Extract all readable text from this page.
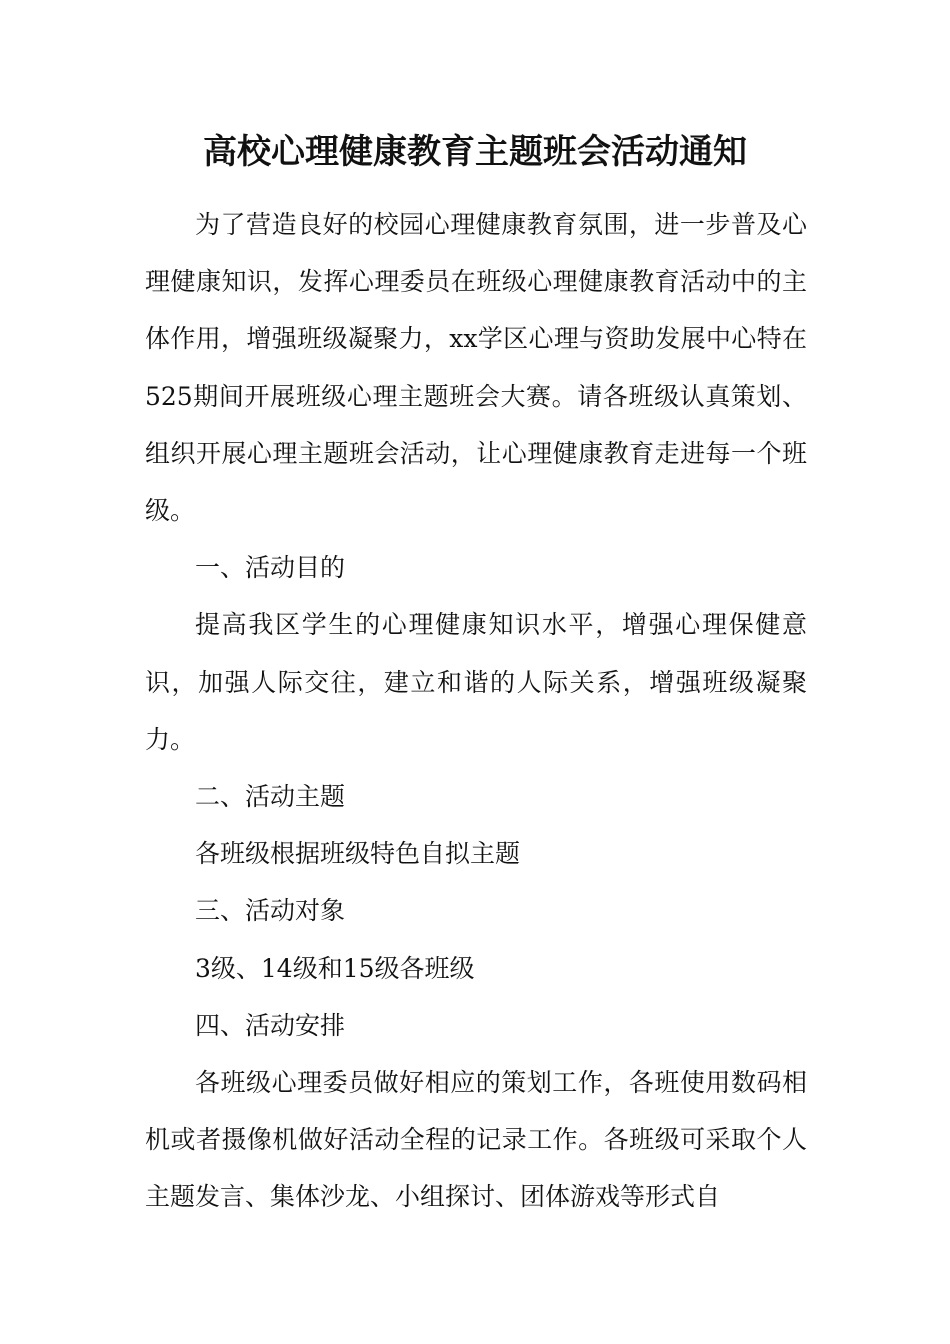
高校心理健康教育主题班会活动通知

为了营造良好的校园心理健康教育氛围，进一步普及心理健康知识，发挥心理委员在班级心理健康教育活动中的主体作用，增强班级凝聚力，xx学区心理与资助发展中心特在525期间开展班级心理主题班会大赛。请各班级认真策划、组织开展心理主题班会活动，让心理健康教育走进每一个班级。

一、活动目的

提高我区学生的心理健康知识水平，增强心理保健意识，加强人际交往，建立和谐的人际关系，增强班级凝聚力。

二、活动主题

各班级根据班级特色自拟主题

三、活动对象

3级、14级和15级各班级

四、活动安排

各班级心理委员做好相应的策划工作，各班使用数码相机或者摄像机做好活动全程的记录工作。各班级可采取个人主题发言、集体沙龙、小组探讨、团体游戏等形式自
